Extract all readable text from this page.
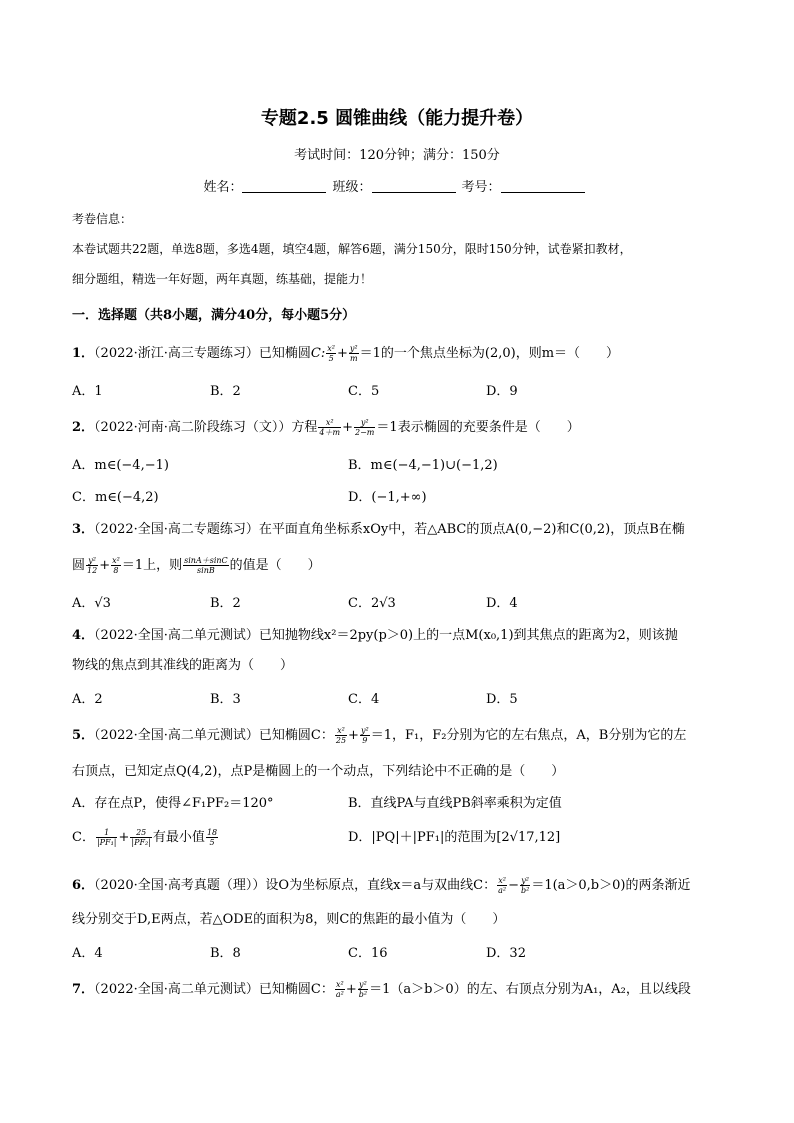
专题2.5 圆锥曲线（能力提升卷）
考试时间：120分钟；满分：150分
姓名：	班级：	考号：
考卷信息：
本卷试题共22题，单选8题，多选4题，填空4题，解答6题，满分150分，限时150分钟，试卷紧扣教材，
细分题组，精选一年好题，两年真题，练基础，提能力！
一．选择题（共8小题，满分40分，每小题5分）
1．（2022·浙江·高三专题练习）已知椭圆C: $\frac{\text{x²}}{5} + \frac{\text{y²}}{m} =1$的一个焦点坐标为(2,0)，则m＝（　　）
A．1	B．2	C．5	D．9
2．（2022·河南·高二阶段练习（文））方程 $\frac{\text{x²}}{4+m} + \frac{\text{y²}}{2-m} =1$表示椭圆的充要条件是（　　）
A．m∈(−4,−1)	B．m∈(−4,−1)∪(−1,2)
C．m∈(−4,2)	D．(−1,+∞)
3．（2022·全国·高二专题练习）在平面直角坐标系xOy中，若△ABC的顶点A(0,−2)和C(0,2)，顶点B在椭
圆 $\frac{\text{y²}}{12} + \frac{\text{x²}}{8} =1$上，则 $\frac{\sin A+\sin C}{\sin B}$ 的值是（　　）
A．√3	B．2	C．2√3	D．4
4．（2022·全国·高二单元测试）已知抛物线x²＝2py(p＞0)上的一点M(x₀,1)到其焦点的距离为2，则该抛
物线的焦点到其准线的距离为（　　）
A．2	B．3	C．4	D．5
5．（2022·全国·高二单元测试）已知椭圆C： $\frac{\text{x²}}{25} + \frac{\text{y²}}{9} =1$，F₁，F₂分别为它的左右焦点，A，B分别为它的左
右顶点，已知定点Q(4,2)，点P是椭圆上的一个动点，下列结论中不正确的是（　　）
A．存在点P，使得∠F₁PF₂＝120°	B．直线PA与直线PB斜率乘积为定值
C． $\frac{1}{\text{|PF₁|}} + \frac{25}{\text{|PF₂|}}$ 有最小值 $\frac{18}{5}$	D．|PQ|＋|PF₁|的范围为[2√17,12]
6．（2020·全国·高考真题（理））设O为坐标原点，直线x＝a与双曲线C： $\frac{\text{x²}}{\text{a²}} - \frac{\text{y²}}{\text{b²}} =1(a>0,b>0)$的两条渐近
线分别交于D,E两点，若△ODE的面积为8，则C的焦距的最小值为（　　）
A．4	B．8	C．16	D．32
7．（2022·全国·高二单元测试）已知椭圆C： $\frac{\text{x²}}{\text{a²}} + \frac{\text{y²}}{\text{b²}} =1(a>b>0)$的左、右顶点分别为A₁，A₂，且以线段
